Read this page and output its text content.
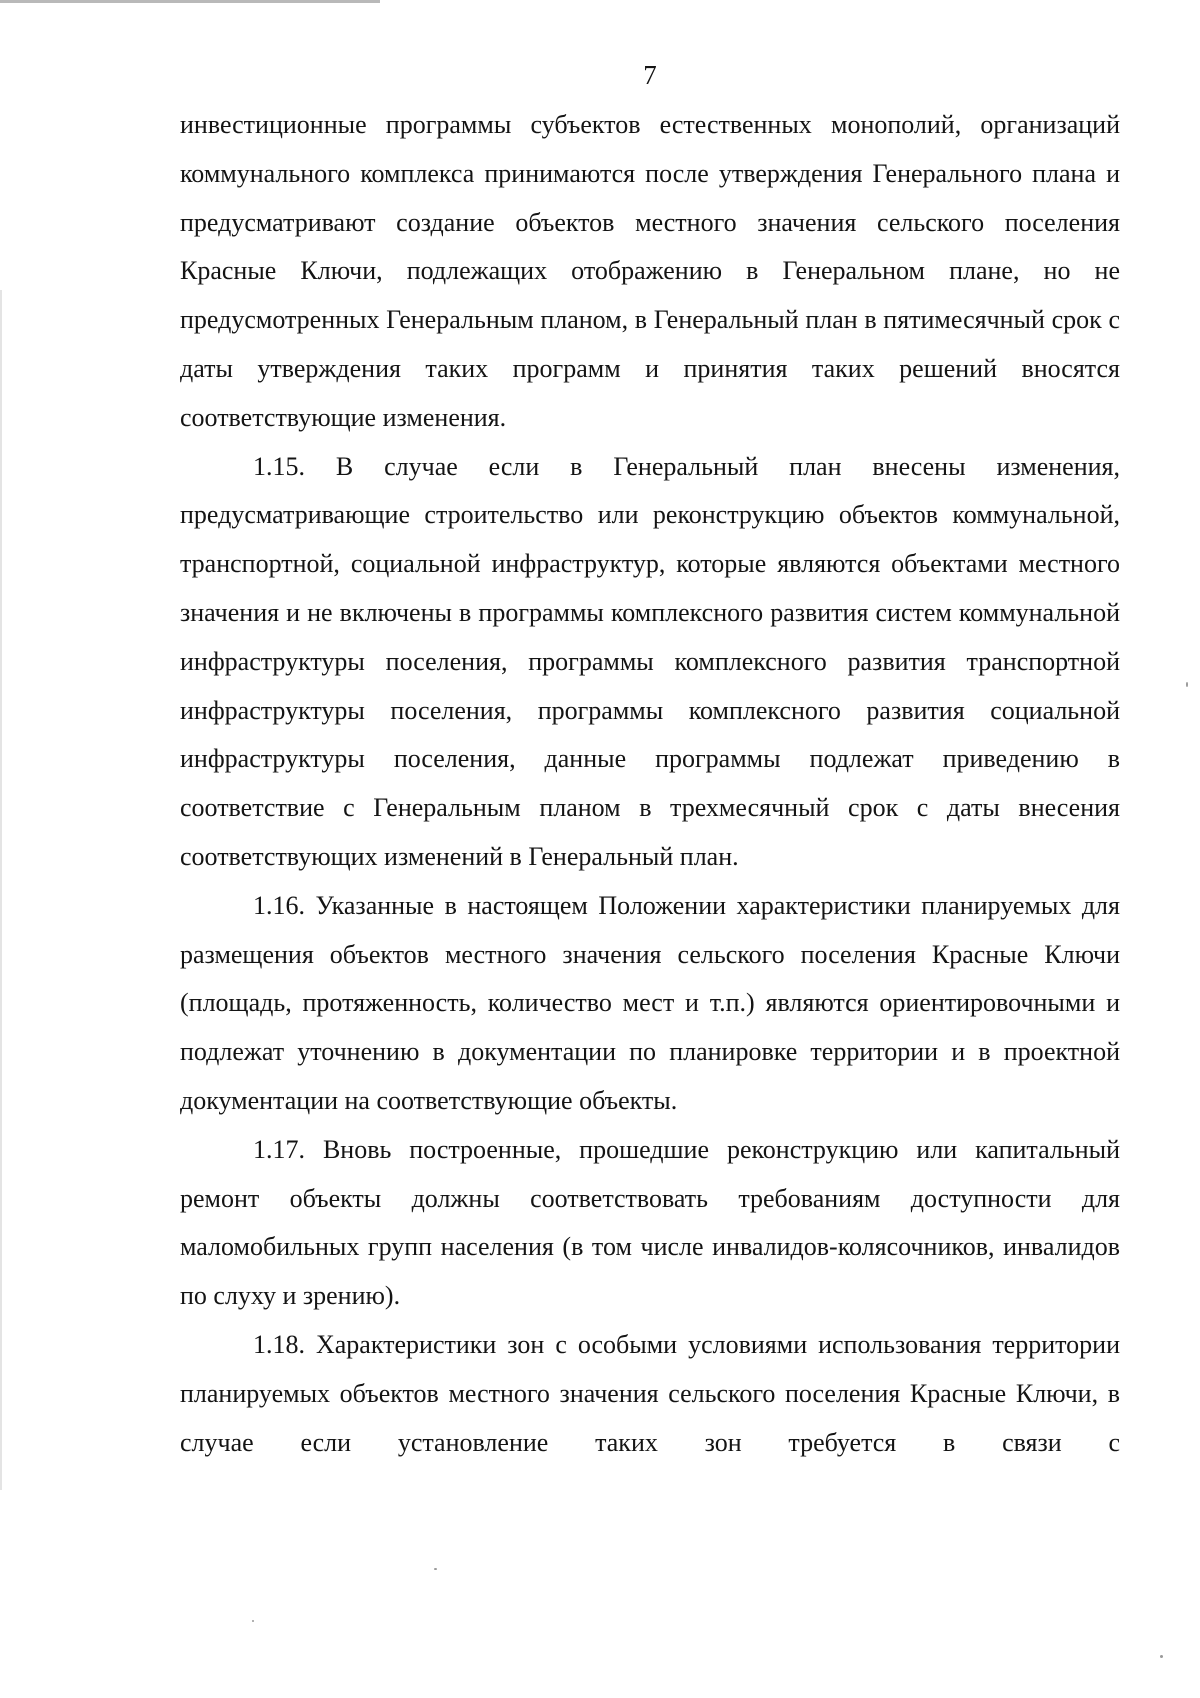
7

инвестиционные программы субъектов естественных монополий, организаций коммунального комплекса принимаются после утверждения Генерального плана и предусматривают создание объектов местного значения сельского поселения Красные Ключи, подлежащих отображению в Генеральном плане, но не предусмотренных Генеральным планом, в Генеральный план в пятимесячный срок с даты утверждения таких программ и принятия таких решений вносятся соответствующие изменения.

1.15. В случае если в Генеральный план внесены изменения, предусматривающие строительство или реконструкцию объектов коммунальной, транспортной, социальной инфраструктур, которые являются объектами местного значения и не включены в программы комплексного развития систем коммунальной инфраструктуры поселения, программы комплексного развития транспортной инфраструктуры поселения, программы комплексного развития социальной инфраструктуры поселения, данные программы подлежат приведению в соответствие с Генеральным планом в трехмесячный срок с даты внесения соответствующих изменений в Генеральный план.

1.16. Указанные в настоящем Положении характеристики планируемых для размещения объектов местного значения сельского поселения Красные Ключи (площадь, протяженность, количество мест и т.п.) являются ориентировочными и подлежат уточнению в документации по планировке территории и в проектной документации на соответствующие объекты.

1.17. Вновь построенные, прошедшие реконструкцию или капитальный ремонт объекты должны соответствовать требованиям доступности для маломобильных групп населения (в том числе инвалидов-колясочников, инвалидов по слуху и зрению).

1.18. Характеристики зон с особыми условиями использования территории планируемых объектов местного значения сельского поселения Красные Ключи, в случае если установление таких зон требуется в связи с
